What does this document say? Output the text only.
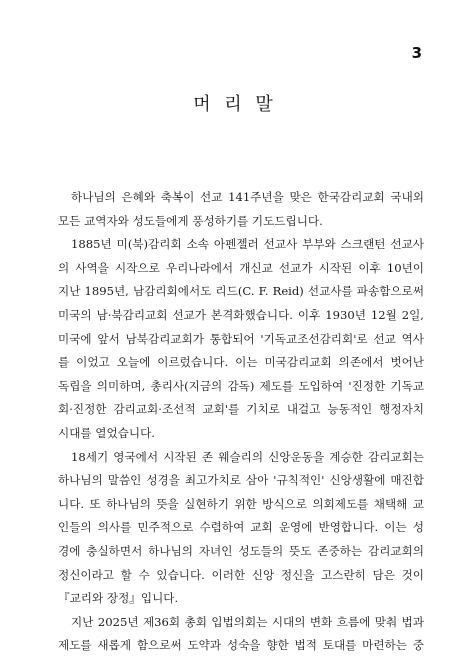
3
머 리 말
하나님의 은혜와 축복이 선교 141주년을 맞은 한국감리교회 국내외
모든 교역자와 성도들에게 풍성하기를 기도드립니다.
1885년 미(북)감리회 소속 아펜젤러 선교사 부부와 스크랜턴 선교사
의 사역을 시작으로 우리나라에서 개신교 선교가 시작된 이후 10년이
지난 1895년, 남감리회에서도 리드(C. F. Reid) 선교사를 파송함으로써
미국의 남·북감리교회 선교가 본격화했습니다. 이후 1930년 12월 2일,
미국에 앞서 남북감리교회가 통합되어 '기독교조선감리회'로 선교 역사
를 이었고 오늘에 이르렀습니다. 이는 미국감리교회 의존에서 벗어난
독립을 의미하며, 총리사(지금의 감독) 제도를 도입하여 '진정한 기독교
회·진정한 감리교회·조선적 교회'를 기치로 내걸고 능동적인 행정자치
시대를 열었습니다.
18세기 영국에서 시작된 존 웨슬리의 신앙운동을 계승한 감리교회는
하나님의 말씀인 성경을 최고가치로 삼아 '규칙적인' 신앙생활에 매진합
니다. 또 하나님의 뜻을 실현하기 위한 방식으로 의회제도를 채택해 교
인들의 의사를 민주적으로 수렴하여 교회 운영에 반영합니다. 이는 성
경에 충실하면서 하나님의 자녀인 성도들의 뜻도 존중하는 감리교회의
정신이라고 할 수 있습니다. 이러한 신앙 정신을 고스란히 담은 것이
『교리와 장정』입니다.
지난 2025년 제36회 총회 입법의회는 시대의 변화 흐름에 맞춰 법과
제도를 새롭게 함으로써 도약과 성숙을 향한 법적 토대를 마련하는 중
